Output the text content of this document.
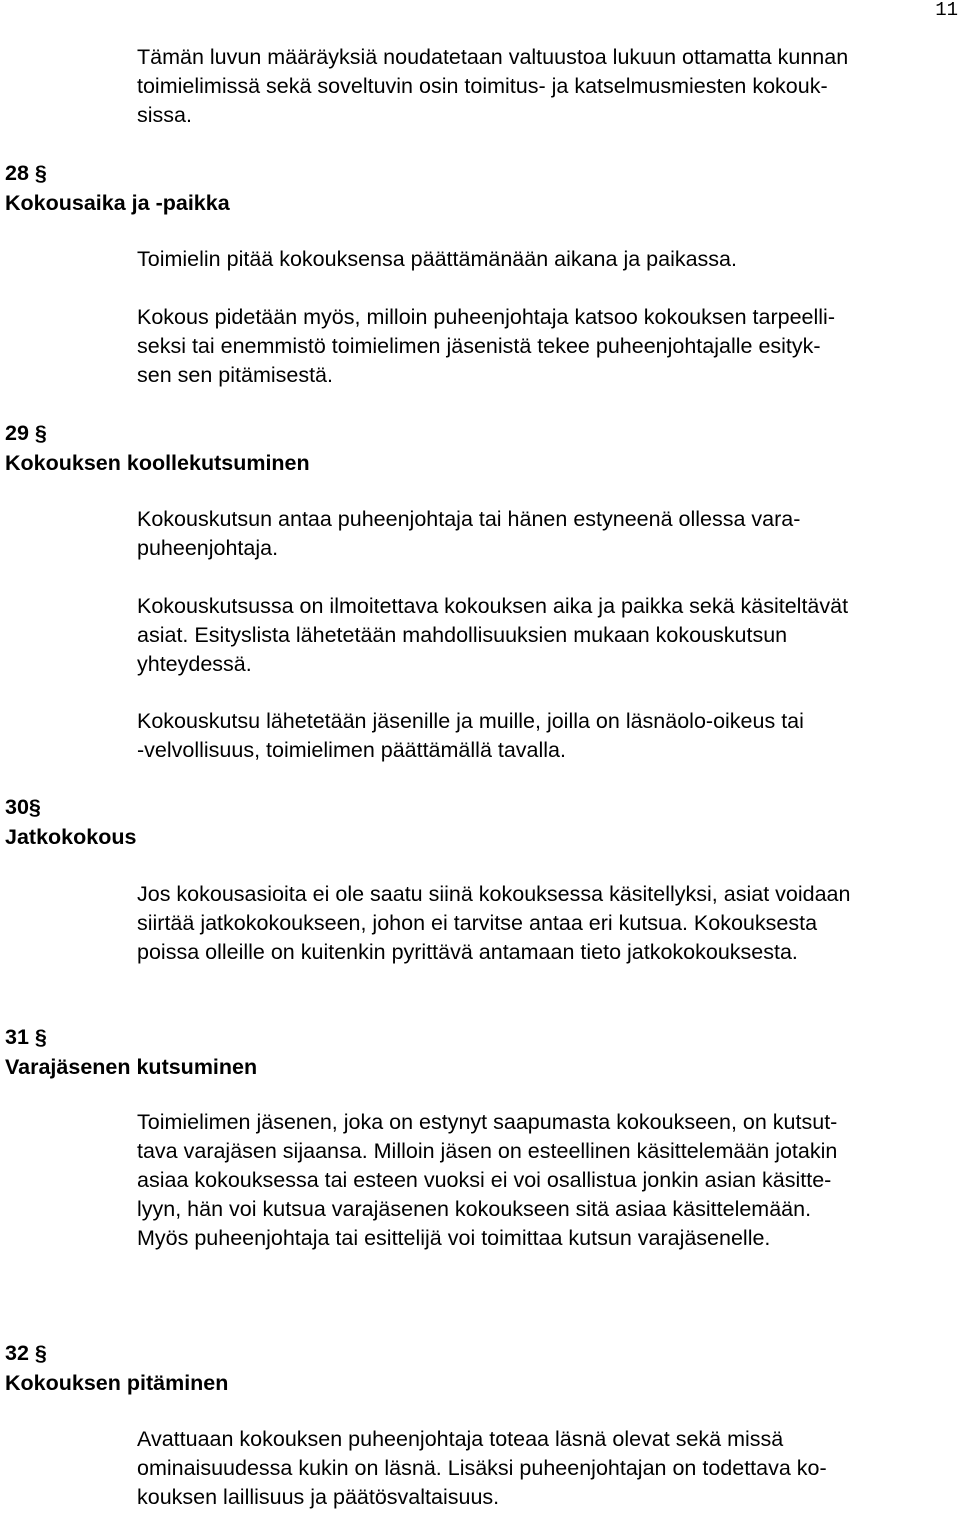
11

Tämän luvun määräyksiä noudatetaan valtuustoa lukuun ottamatta kunnan
toimielimissä sekä soveltuvin osin toimitus- ja katselmusmiesten kokouk-
sissa.

28 §
Kokousaika ja -paikka

Toimielin pitää kokouksensa päättämänään aikana ja paikassa.

Kokous pidetään myös, milloin puheenjohtaja katsoo kokouksen tarpeelli-
seksi tai enemmistö toimielimen jäsenistä tekee puheenjohtajalle esityk-
sen sen pitämisestä.

29 §
Kokouksen koollekutsuminen

Kokouskutsun antaa puheenjohtaja tai hänen estyneenä ollessa vara-
puheenjohtaja.

Kokouskutsussa on ilmoitettava kokouksen aika ja paikka sekä käsiteltävät
asiat. Esityslista lähetetään mahdollisuuksien mukaan kokouskutsun
yhteydessä.

Kokouskutsu lähetetään jäsenille ja muille, joilla on läsnäolo-oikeus tai
-velvollisuus, toimielimen päättämällä tavalla.

30§
Jatkokokous

Jos kokousasioita ei ole saatu siinä kokouksessa käsitellyksi, asiat voidaan
siirtää jatkokokoukseen, johon ei tarvitse antaa eri kutsua. Kokouksesta
poissa olleille on kuitenkin pyrittävä antamaan tieto jatkokokouksesta.

31 §
Varajäsenen kutsuminen

Toimielimen jäsenen, joka on estynyt saapumasta kokoukseen, on kutsut-
tava varajäsen sijaansa. Milloin jäsen on esteellinen käsittelemään jotakin
asiaa kokouksessa tai esteen vuoksi ei voi osallistua jonkin asian käsitte-
lyyn, hän voi kutsua varajäsenen kokoukseen sitä asiaa käsittelemään.
Myös puheenjohtaja tai esittelijä voi toimittaa kutsun varajäsenelle.

32 §
Kokouksen pitäminen

Avattuaan kokouksen puheenjohtaja toteaa läsnä olevat sekä missä
ominaisuudessa kukin on läsnä. Lisäksi puheenjohtajan on todettava ko-
kouksen laillisuus ja päätösvaltaisuus.
